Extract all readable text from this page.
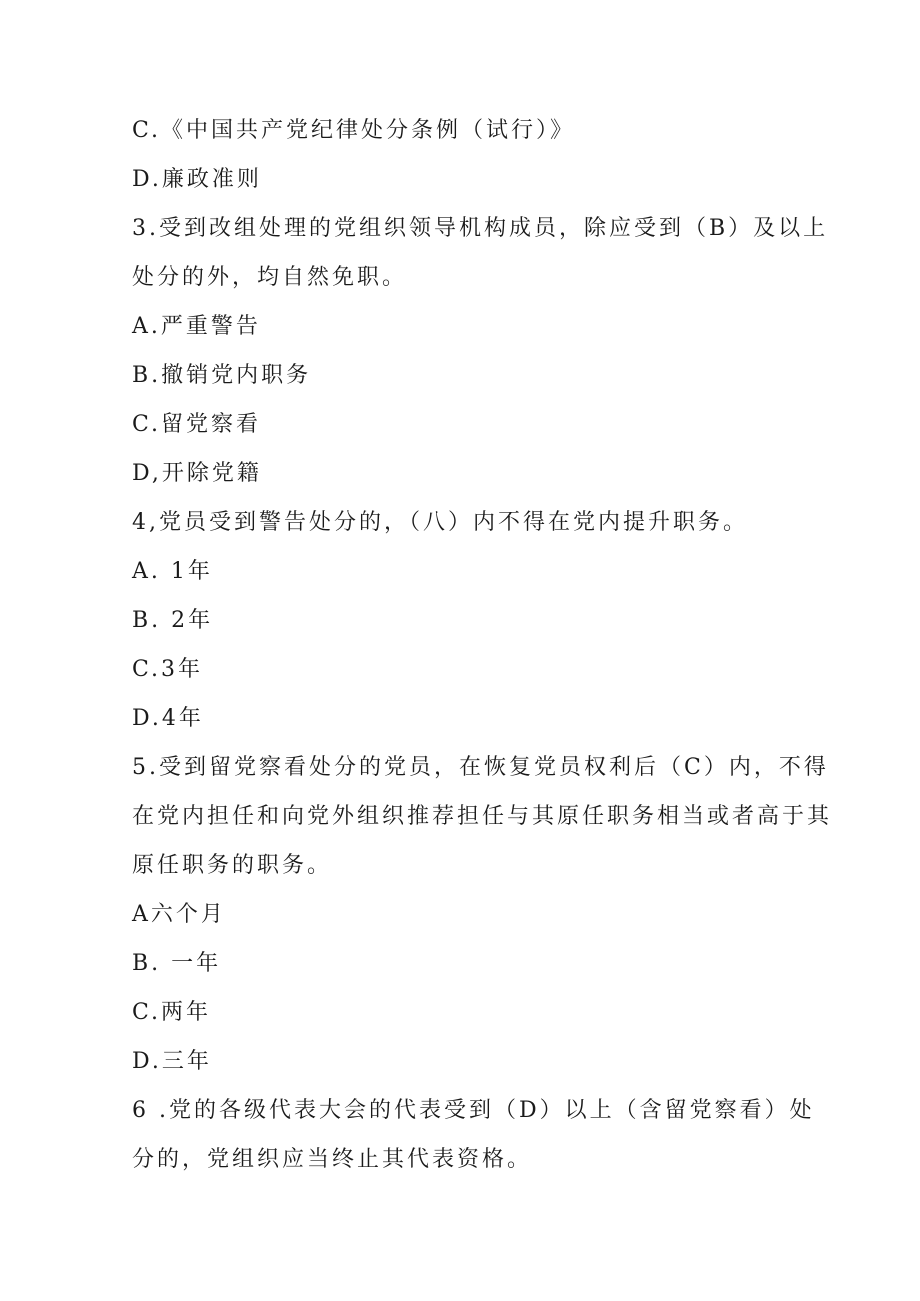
C.《中国共产党纪律处分条例（试行）》
D.廉政准则
3.受到改组处理的党组织领导机构成员，除应受到（B）及以上
处分的外，均自然免职。
A.严重警告
B.撤销党内职务
C.留党察看
D,开除党籍
4,党员受到警告处分的，（八）内不得在党内提升职务。
A. 1年
B. 2年
C.3年
D.4年
5.受到留党察看处分的党员，在恢复党员权利后（C）内，不得
在党内担任和向党外组织推荐担任与其原任职务相当或者高于其
原任职务的职务。
A六个月
B. 一年
C.两年
D.三年
6 .党的各级代表大会的代表受到（D）以上（含留党察看）处
分的，党组织应当终止其代表资格。
